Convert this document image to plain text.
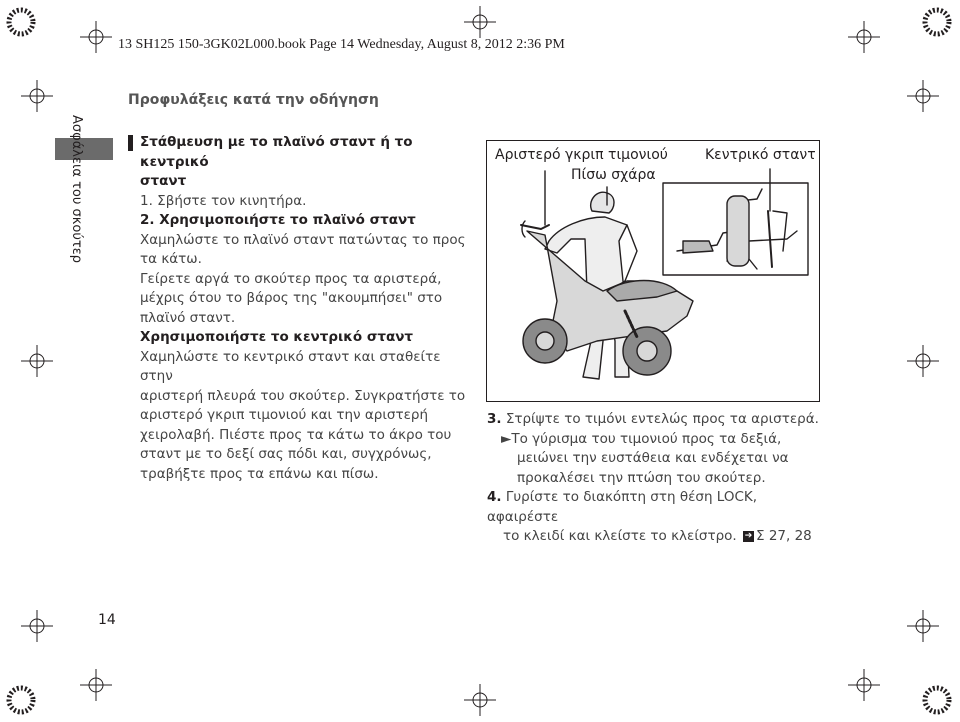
13 SH125 150-3GK02L000.book Page 14 Wednesday, August 8, 2012 2:36 PM
Προφυλάξεις κατά την οδήγηση
Ασφάλεια του σκούτερ	Στάθμευση με το πλαϊνό σταντ ή το κεντρικό
σταντ
1. Σβήστε τον κινητήρα.
2. Χρησιμοποιήστε το πλαϊνό σταντ
Χαμηλώστε το πλαϊνό σταντ πατώντας το προς
τα κάτω.
Γείρετε αργά το σκούτερ προς τα αριστερά,
μέχρις ότου το βάρος της "ακουμπήσει" στο
πλαϊνό σταντ.
Χρησιμοποιήστε το κεντρικό σταντ
Χαμηλώστε το κεντρικό σταντ και σταθείτε στην
αριστερή πλευρά του σκούτερ. Συγκρατήστε το
αριστερό γκριπ τιμονιού και την αριστερή
χειρολαβή. Πιέστε προς τα κάτω το άκρο του
σταντ με το δεξί σας πόδι και, συγχρόνως,
τραβήξτε προς τα επάνω και πίσω.
Αριστερό γκριπ τιμονιού
Πίσω σχάρα
Κεντρικό σταντ
3. Στρίψτε το τιμόνι εντελώς προς τα αριστερά.
►Το γύρισμα του τιμονιού προς τα δεξιά,
μειώνει την ευστάθεια και ενδέχεται να
προκαλέσει την πτώση του σκούτερ.
4. Γυρίστε το διακόπτη στη θέση LOCK, αφαιρέστε
το κλειδί και κλείστε το κλείστρο. ➔ Σ 27, 28
14
